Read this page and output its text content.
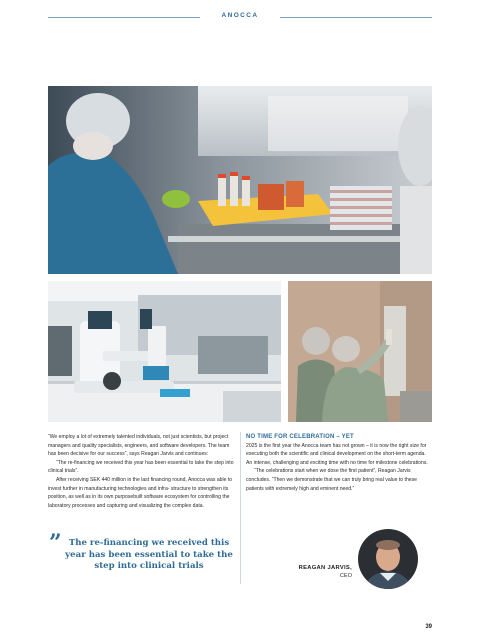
ANOCCA

“We employ a lot of extremely talented individuals, not just scientists, but project managers and quality specialists, engineers, and software developers. The team has been decisive for our success”, says Reagan Jarvis and continues:

“The re-financing we received this year has been essential to take the step into clinical trials”.

After receiving SEK 440 million in the last financing round, Anocca was able to invest further in manufacturing technologies and infra- structure to strengthen its position, as well as in its own purposebuilt software ecosystem for controlling the laboratory processes and capturing and visualizing the complex data.

NO TIME FOR CELEBRATION – YET

2025 is the first year the Anocca team has not grown – it is now the right size for executing both the scientific and clinical development on the short-term agenda. An intense, challenging and exciting time with no time for milestone celebrations.

“The celebrations start when we dose the first patient”, Reagan Jarvis concludes. “Then we demonstrate that we can truly bring real value to these patients with extremely high and eminent need.”

” The re-financing we received this year has been essential to take the step into clinical trials	REAGAN JARVIS,
CEO
39
